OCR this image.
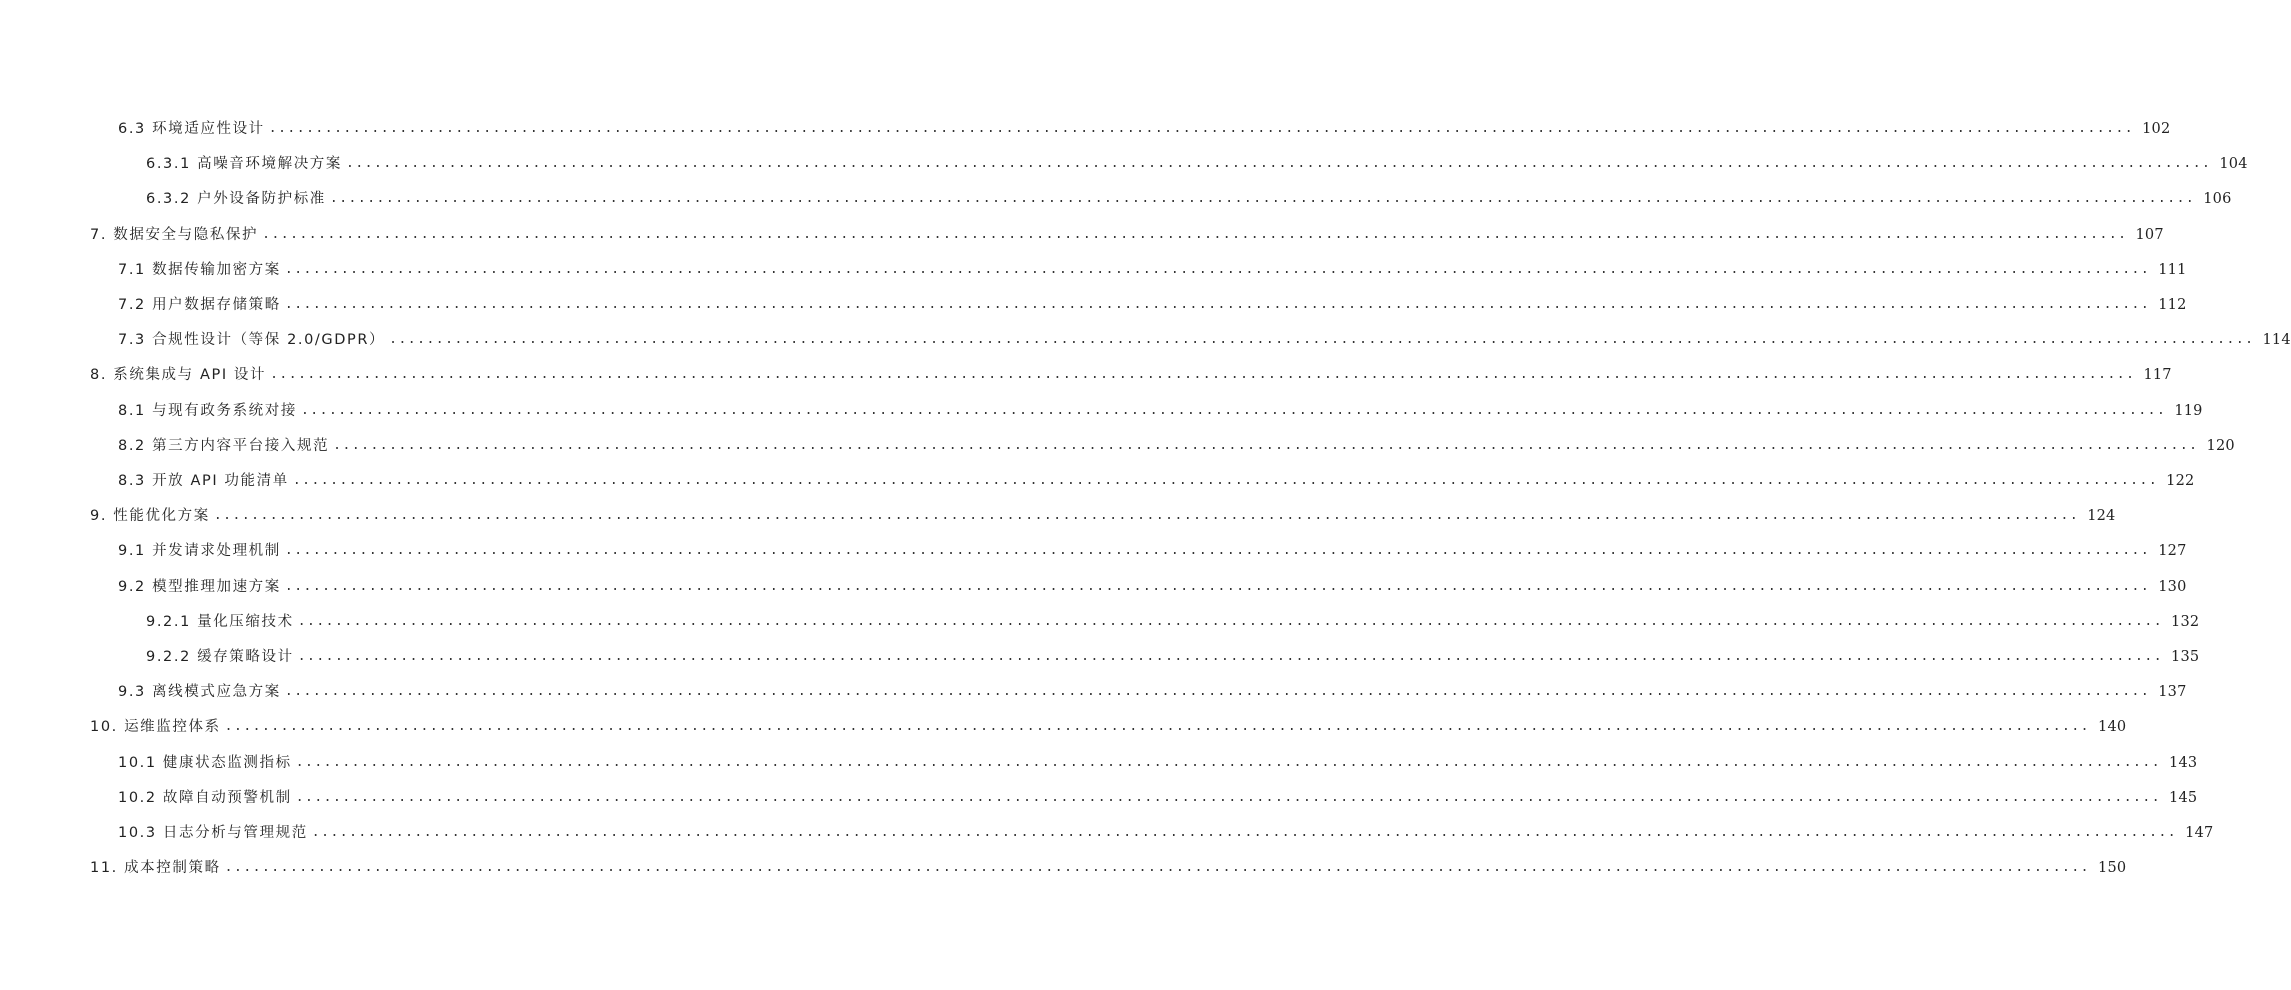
6.3 环境适应性设计 ........................................................................................................................................................................................................ 102
6.3.1 高噪音环境解决方案 ........................................................................................................................................................................................................ 104
6.3.2 户外设备防护标准 ........................................................................................................................................................................................................ 106
7. 数据安全与隐私保护 ........................................................................................................................................................................................................ 107
7.1 数据传输加密方案 ........................................................................................................................................................................................................ 111
7.2 用户数据存储策略 ........................................................................................................................................................................................................ 112
7.3 合规性设计（等保 2.0/GDPR） ........................................................................................................................................................................................................ 114
8. 系统集成与 API 设计 ........................................................................................................................................................................................................ 117
8.1 与现有政务系统对接 ........................................................................................................................................................................................................ 119
8.2 第三方内容平台接入规范 ........................................................................................................................................................................................................ 120
8.3 开放 API 功能清单 ........................................................................................................................................................................................................ 122
9. 性能优化方案 ........................................................................................................................................................................................................ 124
9.1 并发请求处理机制 ........................................................................................................................................................................................................ 127
9.2 模型推理加速方案 ........................................................................................................................................................................................................ 130
9.2.1 量化压缩技术 ........................................................................................................................................................................................................ 132
9.2.2 缓存策略设计 ........................................................................................................................................................................................................ 135
9.3 离线模式应急方案 ........................................................................................................................................................................................................ 137
10. 运维监控体系 ........................................................................................................................................................................................................ 140
10.1 健康状态监测指标 ........................................................................................................................................................................................................ 143
10.2 故障自动预警机制 ........................................................................................................................................................................................................ 145
10.3 日志分析与管理规范 ........................................................................................................................................................................................................ 147
11. 成本控制策略 ........................................................................................................................................................................................................ 150
